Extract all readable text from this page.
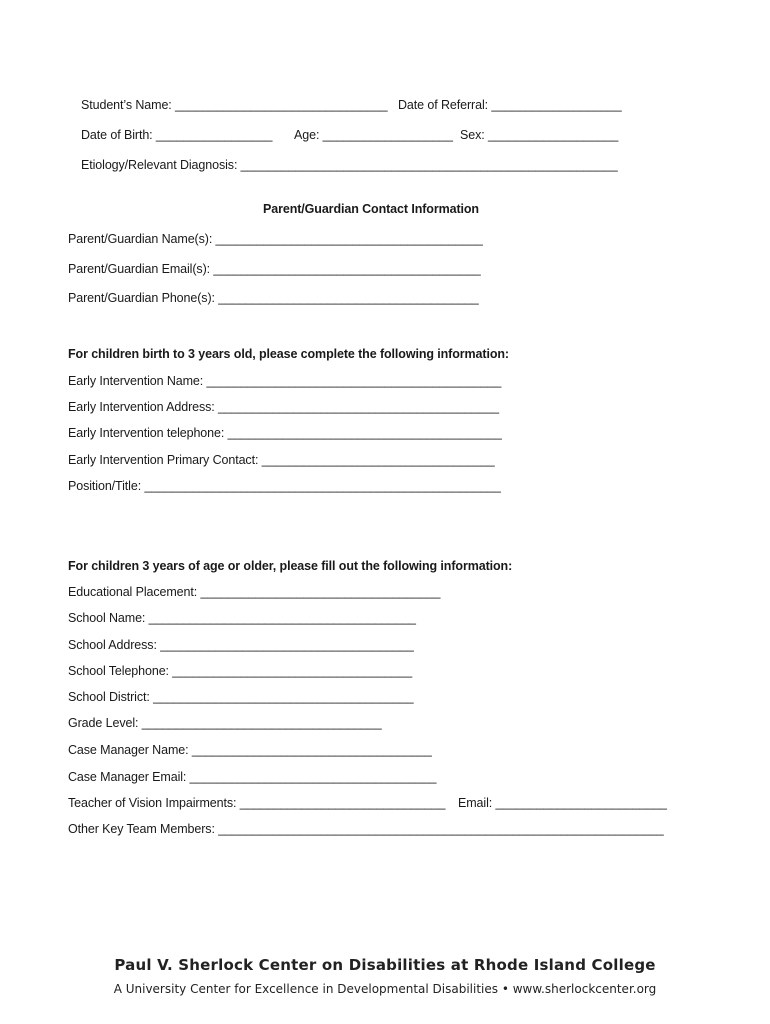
Student’s Name: _______________________________ Date of Referral: ___________________
Date of Birth: _________________ Age: ___________________ Sex: ___________________
Etiology/Relevant Diagnosis: _______________________________________________________
Parent/Guardian Contact Information
Parent/Guardian Name(s): _______________________________________
Parent/Guardian Email(s): _______________________________________
Parent/Guardian Phone(s): ______________________________________
For children birth to 3 years old, please complete the following information:
Early Intervention Name: ___________________________________________
Early Intervention Address: _________________________________________
Early Intervention telephone: ________________________________________
Early Intervention Primary Contact: __________________________________
Position/Title: ____________________________________________________
For children 3 years of age or older, please fill out the following information:
Educational Placement: ___________________________________
School Name: _______________________________________
School Address: _____________________________________
School Telephone: ___________________________________
School District: ______________________________________
Grade Level: ___________________________________
Case Manager Name: ___________________________________
Case Manager Email: ____________________________________
Teacher of Vision Impairments: ______________________________ Email: _________________________
Other Key Team Members: _________________________________________________________________
Paul V. Sherlock Center on Disabilities at Rhode Island College
A University Center for Excellence in Developmental Disabilities • www.sherlockcenter.org
